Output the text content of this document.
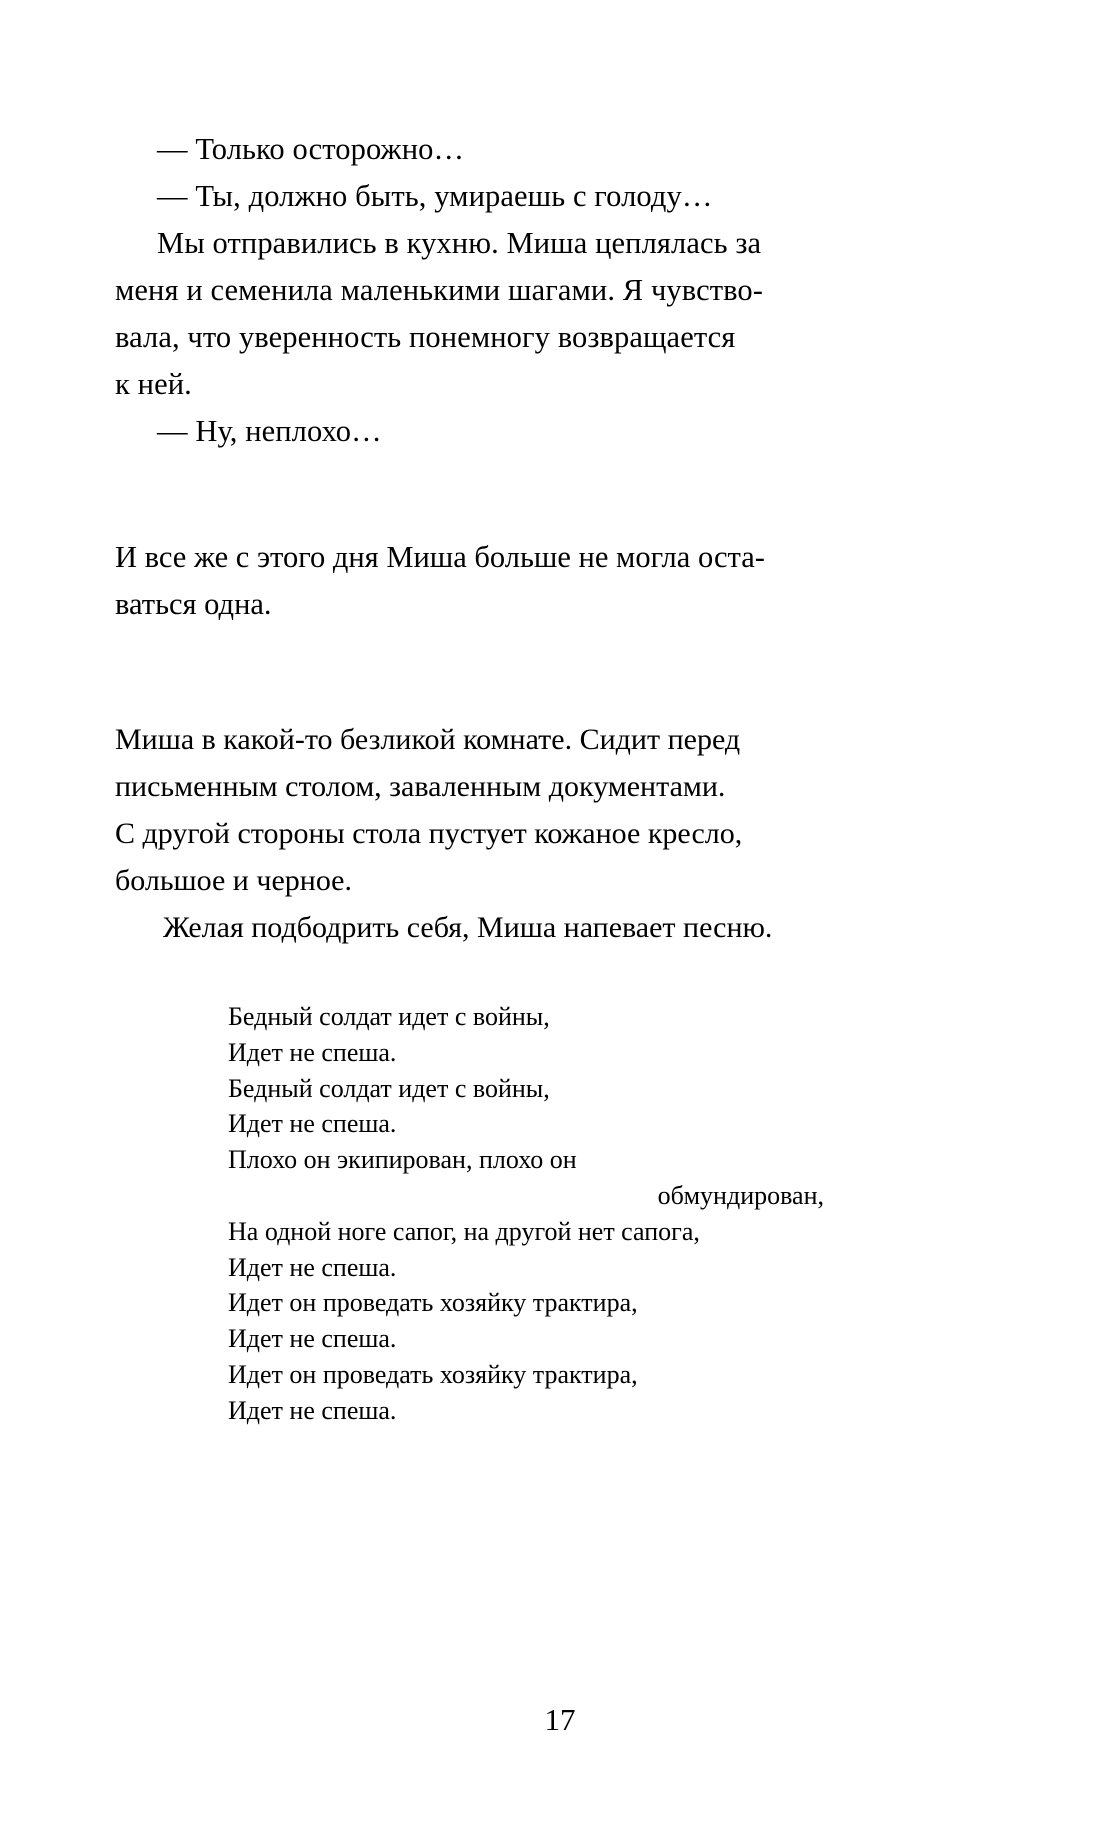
— Только осторожно…
— Ты, должно быть, умираешь с голоду…
Мы отправились в кухню. Миша цеплялась за
меня и семенила маленькими шагами. Я чувство-
вала, что уверенность понемногу возвращается
к ней.
— Ну, неплохо…
И все же с этого дня Миша больше не могла оста-
ваться одна.
Миша в какой-то безликой комнате. Сидит перед
письменным столом, заваленным документами.
С другой стороны стола пустует кожаное кресло,
большое и черное.
Желая подбодрить себя, Миша напевает песню.
Бедный солдат идет с войны,
Идет не спеша.
Бедный солдат идет с войны,
Идет не спеша.
Плохо он экипирован, плохо он
обмундирован,
На одной ноге сапог, на другой нет сапога,
Идет не спеша.
Идет он проведать хозяйку трактира,
Идет не спеша.
Идет он проведать хозяйку трактира,
Идет не спеша.
17
